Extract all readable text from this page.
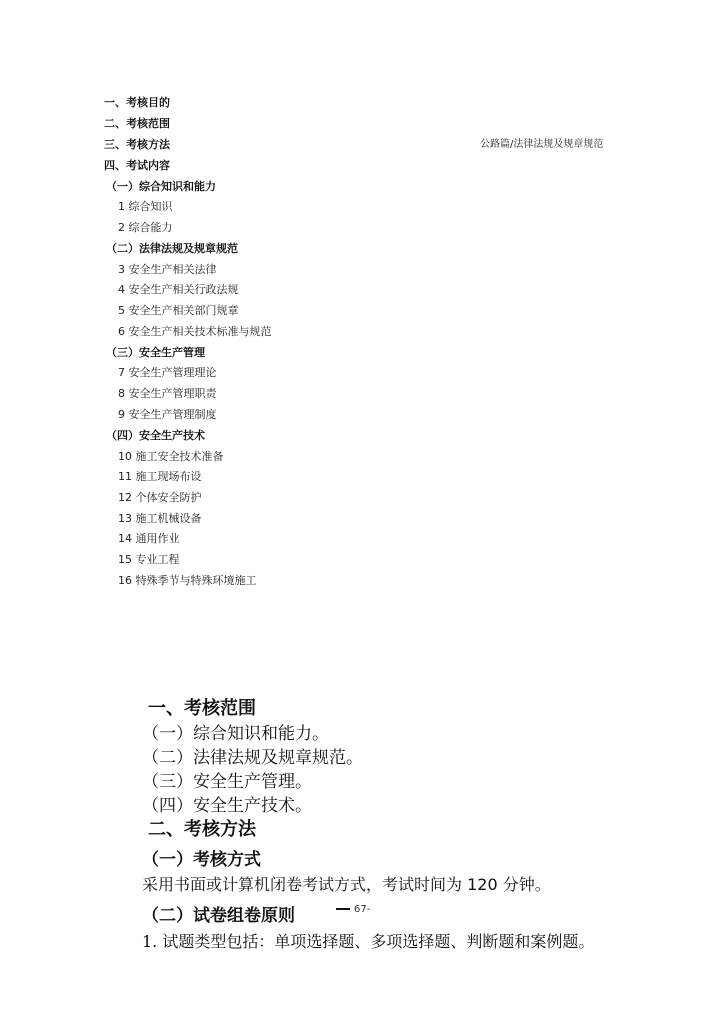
一、考核目的
二、考核范围
三、考核方法	公路篇/法律法规及规章规范
四、考试内容
（一）综合知识和能力
1 综合知识
2 综合能力
（二）法律法规及规章规范
3 安全生产相关法律
4 安全生产相关行政法规
5 安全生产相关部门规章
6 安全生产相关技术标准与规范
（三）安全生产管理
7 安全生产管理理论
8 安全生产管理职责
9 安全生产管理制度
（四）安全生产技术
10 施工安全技术准备
11 施工现场布设
12 个体安全防护
13 施工机械设备
14 通用作业
15 专业工程
16 特殊季节与特殊环境施工
一、考核范围
（一）综合知识和能力。
（二）法律法规及规章规范。
（三）安全生产管理。
（四）安全生产技术。
二、考核方法
（一）考核方式
采用书面或计算机闭卷考试方式，考试时间为 120 分钟。
（二）试卷组卷原则	67-
1. 试题类型包括：单项选择题、多项选择题、判断题和案例题。
